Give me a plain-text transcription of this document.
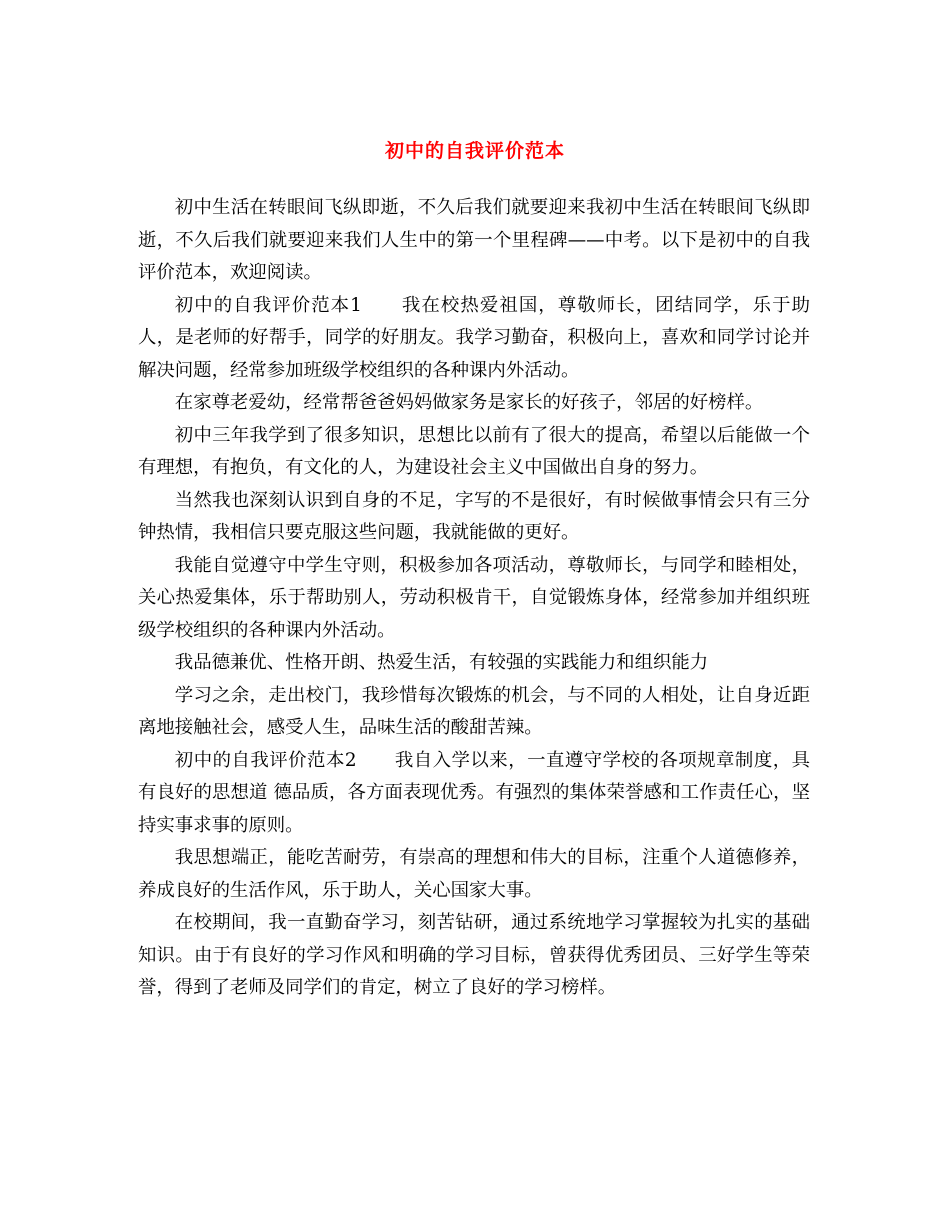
初中的自我评价范本

初中生活在转眼间飞纵即逝，不久后我们就要迎来我初中生活在转眼间飞纵即逝，不久后我们就要迎来我们人生中的第一个里程碑——中考。以下是初中的自我评价范本，欢迎阅读。

初中的自我评价范本1　　我在校热爱祖国，尊敬师长，团结同学，乐于助人，是老师的好帮手，同学的好朋友。我学习勤奋，积极向上，喜欢和同学讨论并解决问题，经常参加班级学校组织的各种课内外活动。

在家尊老爱幼，经常帮爸爸妈妈做家务是家长的好孩子，邻居的好榜样。

初中三年我学到了很多知识，思想比以前有了很大的提高，希望以后能做一个有理想，有抱负，有文化的人，为建设社会主义中国做出自身的努力。

当然我也深刻认识到自身的不足，字写的不是很好，有时候做事情会只有三分钟热情，我相信只要克服这些问题，我就能做的更好。

我能自觉遵守中学生守则，积极参加各项活动，尊敬师长，与同学和睦相处，关心热爱集体，乐于帮助别人，劳动积极肯干，自觉锻炼身体，经常参加并组织班级学校组织的各种课内外活动。

我品德兼优、性格开朗、热爱生活，有较强的实践能力和组织能力

学习之余，走出校门，我珍惜每次锻炼的机会，与不同的人相处，让自身近距离地接触社会，感受人生，品味生活的酸甜苦辣。

初中的自我评价范本2　　我自入学以来，一直遵守学校的各项规章制度，具有良好的思想道 德品质，各方面表现优秀。有强烈的集体荣誉感和工作责任心，坚持实事求事的原则。

我思想端正，能吃苦耐劳，有崇高的理想和伟大的目标，注重个人道德修养，养成良好的生活作风，乐于助人，关心国家大事。

在校期间，我一直勤奋学习，刻苦钻研，通过系统地学习掌握较为扎实的基础知识。由于有良好的学习作风和明确的学习目标，曾获得优秀团员、三好学生等荣誉，得到了老师及同学们的肯定，树立了良好的学习榜样。
